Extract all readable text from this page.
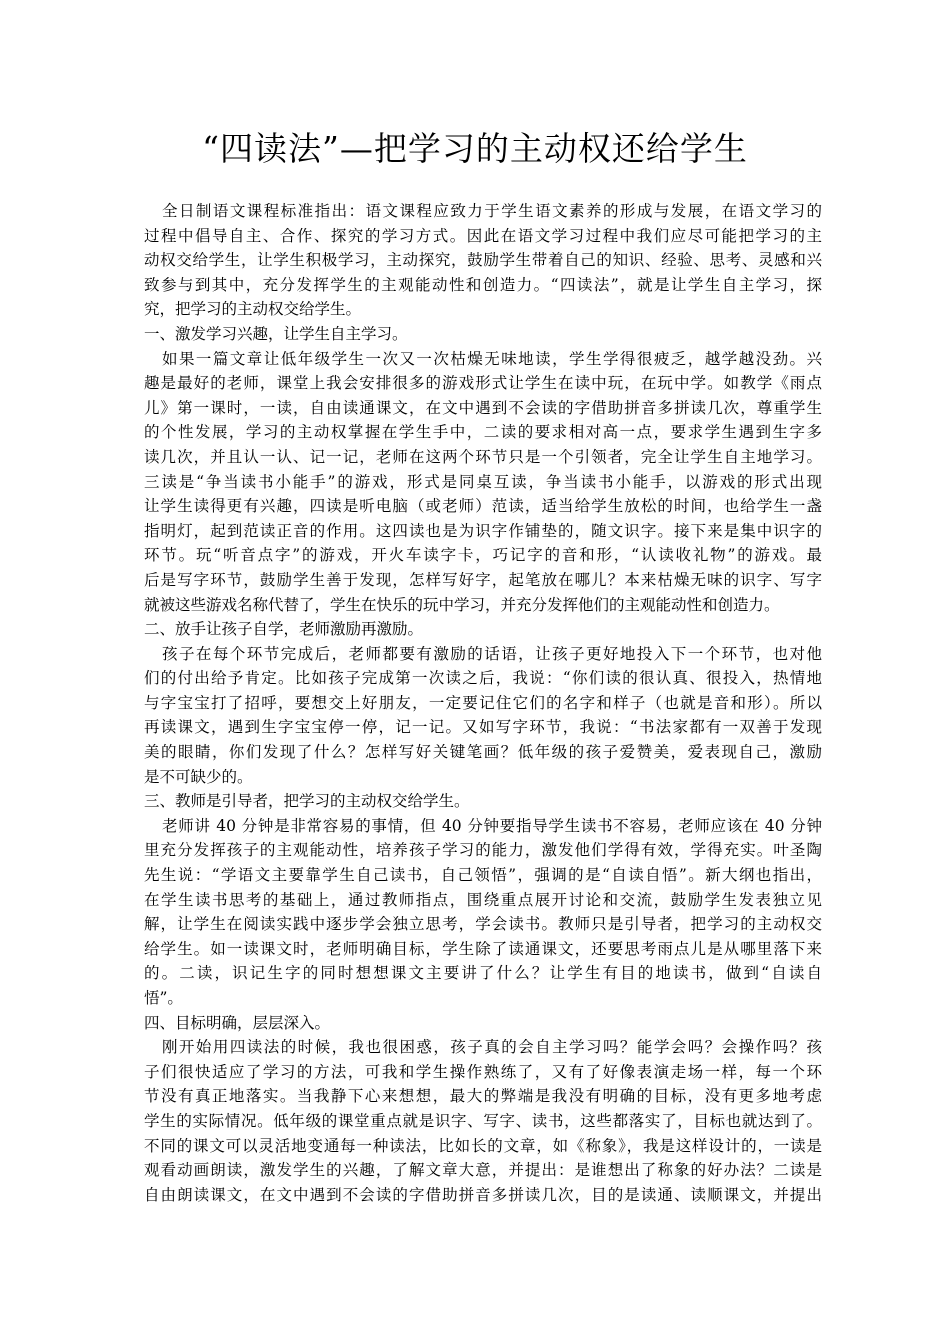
“四读法”—把学习的主动权还给学生
全日制语文课程标准指出：语文课程应致力于学生语文素养的形成与发展，在语文学习的
过程中倡导自主、合作、探究的学习方式。因此在语文学习过程中我们应尽可能把学习的主
动权交给学生，让学生积极学习，主动探究，鼓励学生带着自己的知识、经验、思考、灵感和兴
致参与到其中，充分发挥学生的主观能动性和创造力。“四读法”，就是让学生自主学习，探
究，把学习的主动权交给学生。
一、激发学习兴趣，让学生自主学习。
如果一篇文章让低年级学生一次又一次枯燥无味地读，学生学得很疲乏，越学越没劲。兴
趣是最好的老师，课堂上我会安排很多的游戏形式让学生在读中玩，在玩中学。如教学《雨点
儿》第一课时，一读，自由读通课文，在文中遇到不会读的字借助拼音多拼读几次，尊重学生
的个性发展，学习的主动权掌握在学生手中，二读的要求相对高一点，要求学生遇到生字多
读几次，并且认一认、记一记，老师在这两个环节只是一个引领者，完全让学生自主地学习。
三读是“争当读书小能手”的游戏，形式是同桌互读，争当读书小能手，以游戏的形式出现
让学生读得更有兴趣，四读是听电脑（或老师）范读，适当给学生放松的时间，也给学生一盏
指明灯，起到范读正音的作用。这四读也是为识字作铺垫的，随文识字。接下来是集中识字的
环节。玩“听音点字”的游戏，开火车读字卡，巧记字的音和形，“认读收礼物”的游戏。最
后是写字环节，鼓励学生善于发现，怎样写好字，起笔放在哪儿？本来枯燥无味的识字、写字
就被这些游戏名称代替了，学生在快乐的玩中学习，并充分发挥他们的主观能动性和创造力。
二、放手让孩子自学，老师激励再激励。
孩子在每个环节完成后，老师都要有激励的话语，让孩子更好地投入下一个环节，也对他
们的付出给予肯定。比如孩子完成第一次读之后，我说：“你们读的很认真、很投入，热情地
与字宝宝打了招呼，要想交上好朋友，一定要记住它们的名字和样子（也就是音和形）。所以
再读课文，遇到生字宝宝停一停，记一记。又如写字环节，我说：“书法家都有一双善于发现
美的眼睛，你们发现了什么？怎样写好关键笔画？低年级的孩子爱赞美，爱表现自己，激励
是不可缺少的。
三、教师是引导者，把学习的主动权交给学生。
老师讲 40 分钟是非常容易的事情，但 40 分钟要指导学生读书不容易，老师应该在 40 分钟
里充分发挥孩子的主观能动性，培养孩子学习的能力，激发他们学得有效，学得充实。叶圣陶
先生说：“学语文主要靠学生自己读书，自己领悟”，强调的是“自读自悟”。新大纲也指出，
在学生读书思考的基础上，通过教师指点，围绕重点展开讨论和交流，鼓励学生发表独立见
解，让学生在阅读实践中逐步学会独立思考，学会读书。教师只是引导者，把学习的主动权交
给学生。如一读课文时，老师明确目标，学生除了读通课文，还要思考雨点儿是从哪里落下来
的。二读，识记生字的同时想想课文主要讲了什么？让学生有目的地读书，做到“自读自
悟”。
四、目标明确，层层深入。
刚开始用四读法的时候，我也很困惑，孩子真的会自主学习吗？能学会吗？会操作吗？孩
子们很快适应了学习的方法，可我和学生操作熟练了，又有了好像表演走场一样，每一个环
节没有真正地落实。当我静下心来想想，最大的弊端是我没有明确的目标，没有更多地考虑
学生的实际情况。低年级的课堂重点就是识字、写字、读书，这些都落实了，目标也就达到了。
不同的课文可以灵活地变通每一种读法，比如长的文章，如《称象》，我是这样设计的，一读是
观看动画朗读，激发学生的兴趣，了解文章大意，并提出：是谁想出了称象的好办法？二读是
自由朗读课文，在文中遇到不会读的字借助拼音多拼读几次，目的是读通、读顺课文，并提出
